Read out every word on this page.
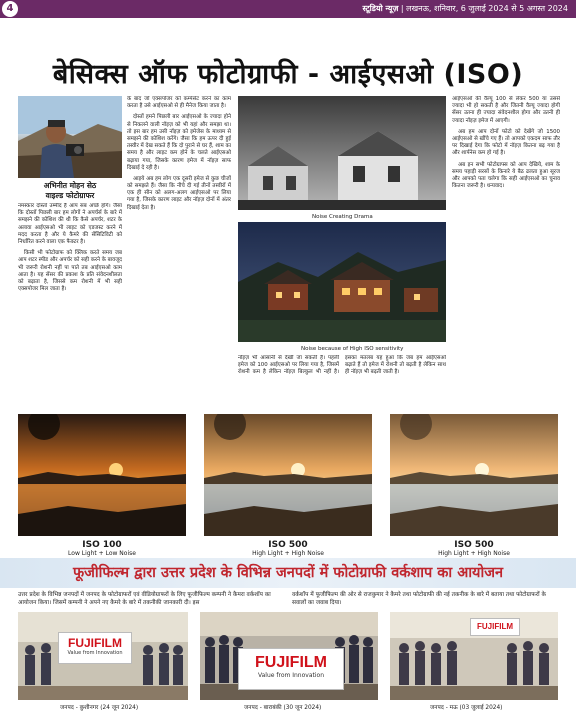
4	स्टूडियो न्यूज़ | लखनऊ, शनिवार, 6 जुलाई 2024 से 5 अगस्त 2024
बेसिक्स ऑफ फोटोग्राफी - आईएसओ (ISO)
अभिनीत मोहन सेठ
वाइल्ड फोटोग्राफर

नमस्कार दोस्तों उम्मीद है आप सब अच्छे होंगे। जैसा कि दोस्तों पिछली बार हम लोगों ने अपर्चर्स के बारे में समझने की कोशिश की थी कि कैसे अपर्चर, शटर के अलावा आईएसओ भी लाइट को एडजस्ट करने में मदद करता है और ये कैमरे की सेंसिटिविटी को निर्धारित करने वाला एक फैक्टर है।

किसी भी फोटोग्राफ को क्लिक करते समय जब आप शटर स्पीड और अपर्चर को सही करने के बावजूद भी जरूरी रोशनी नहीं पा पाते तब आईएसओ काम आता है। यह सेंसर की प्रकाश के प्रति संवेदनशीलता को बढ़ाता है, जिससे कम रोशनी में भी सही एक्सपोजर मिल जाता है।

के बाद जो एक्सपोजर को कम्पेंसेट करने का काम करता है उसे आईएसओ से ही मैनेज किया जाता है।

दोस्तों हमने पिछली बार आईएसओ के ज्यादा होने से निकलने वाली नॉइज़ को भी यहां और समझा था। तो इस बार हम उसी नॉइज़ को इमेजेस के माध्यम से समझने की कोशिश करेंगे। जैसा कि हम ऊपर दी हुई तस्वीर में देख सकते हैं कि दो पुराने से घर हैं, शाम का समय है और लाइट कम होने के चलते आईएसओ बढ़ाया गया, जिसके कारण इमेज में नॉइज़ साफ दिखाई दे रही है।

आइये अब हम लोग एक दूसरी इमेज से कुछ चीजों को समझते हैं। जैसा कि नीचे दी गई तीनों तस्वीरों में एक ही सीन को अलग-अलग आईएसओ पर लिया गया है, जिसके कारण लाइट और नॉइज़ दोनों में अंतर दिखाई देता है।

Noise Creating Drama
Noise because of High ISO sensitivity

नॉइज़ भी आसानी से देखी जा सकती है। पहली इमेज को 100 आईएसओ पर लिया गया है, जिसमें रोशनी कम है लेकिन नॉइज़ बिल्कुल भी नहीं है। इसका मतलब यह हुआ कि जब हम आईएसओ बढ़ाते हैं तो इमेज में रोशनी तो बढ़ती है लेकिन साथ ही नॉइज़ भी बढ़ती जाती है।

आईएसओ की वैल्यू 100 से लेकर 500 या उससे ज्यादा भी हो सकती है और जितनी वैल्यू ज्यादा होगी सेंसर उतना ही ज्यादा संवेदनशील होगा और उतनी ही ज्यादा नॉइज़ इमेज में आएगी।

अब हम आप दोनों फोटो को देखेंगे जो 1500 आईएसओ से खींचे गए हैं। तो आपको एकदम साफ तौर पर दिखाई देगा कि फोटो में नॉइज़ कितना बढ़ गया है और शार्पनेस कम हो गई है।

अब इन सभी फोटोग्राफ्स को आप देखिये, शाम के समय पहाड़ी सरसों के किनारे ये बैठ ढलता हुआ सूरज और आपको पता चलेगा कि सही आईएसओ का चुनाव कितना जरूरी है। धन्यवाद।

ISO 100
Low Light + Low Noise
ISO 500
High Light + High Noise
ISO 500
High Light + High Noise
फूजीफिल्म द्वारा उत्तर प्रदेश के विभिन्न जनपदों में फोटोग्राफी वर्कशाप का आयोजन
उत्तर प्रदेश के विभिन्न जनपदों में जनपद के फोटोग्राफरों एवं वीडियोग्राफरों के लिए फूजीफिल्म कम्पनी ने कैमरा वर्कशॉप का आयोजन किया। जिसमें कम्पनी ने अपने नए कैमरे के बारे में तकनीकी जानकारी दी। इस
वर्कशॉप में फूजीफिल्म की ओर से राजकुमार ने कैमरे तथा फोटोग्राफी की नई तकनीक के बारे में बताया तथा फोटोग्राफरों के सवालों का जवाब दिया।
FUJIFILM
Value from Innovation
जनपद - कुशीनगर (24 जून 2024)
FUJIFILM
Value from Innovation
जनपद - बाराबंकी (30 जून 2024)
FUJIFILM
जनपद - मऊ (03 जुलाई 2024)
